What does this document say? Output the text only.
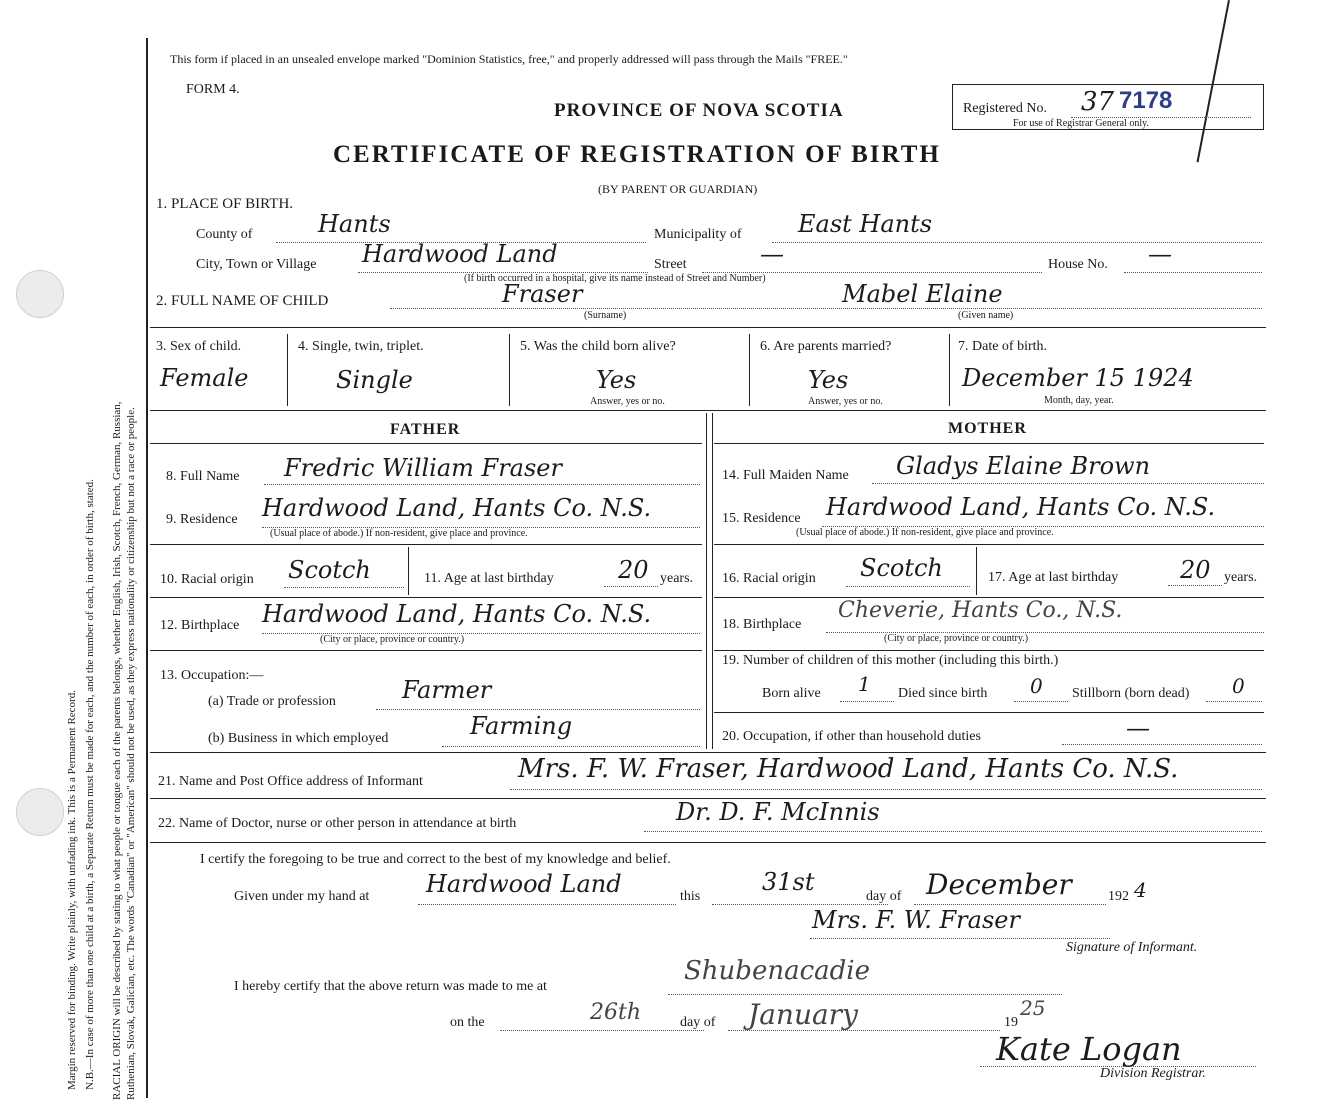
Margin reserved for binding. Write plainly, with unfading ink. This is a Permanent Record. N.B.—In case of more than one child at a birth, a Separate Return must be made for each, and the number of each, in order of birth, stated. RACIAL ORIGIN will be described by stating to what people or tongue each of the parents belongs, whether English, Irish, Scotch, French, German, Russian, Ruthenian, Slovak, Galician, etc. The words "Canadian" or "American" should not be used, as they express nationality or citizenship but not a race or people.
This form if placed in an unsealed envelope marked "Dominion Statistics, free," and properly addressed will pass through the Mails "FREE."
FORM 4.
PROVINCE OF NOVA SCOTIA
CERTIFICATE OF REGISTRATION OF BIRTH
(BY PARENT OR GUARDIAN)
Registered No. 37 7178
For use of Registrar General only.
1. PLACE OF BIRTH.
County of	Hants	Municipality of East Hants
City, Town or Village Hardwood Land	Street	—	House No. —
(If birth occurred in a hospital, give its name instead of Street and Number)
2. FULL NAME OF CHILD	Fraser
(Surname)
Mabel Elaine
(Given name)
3. Sex of child.
Female
4. Single, twin, triplet.
Single
5. Was the child born alive?
Yes
Answer, yes or no.
6. Are parents married?
Yes
Answer, yes or no.
7. Date of birth.
December 15 1924
Month, day, year.
FATHER	MOTHER
8. Full Name Fredric William Fraser	14. Full Maiden Name Gladys Elaine Brown
9. Residence Hardwood Land, Hants Co. N.S.
(Usual place of abode.) If non-resident, give place and province.
15. Residence Hardwood Land, Hants Co. N.S.
(Usual place of abode.) If non-resident, give place and province.
10. Racial origin Scotch	11. Age at last birthday	20 years. 16. Racial origin Scotch	17. Age at last birthday	20 years.
12. Birthplace Hardwood Land, Hants Co. N.S.
(City or place, province or country.)
18. Birthplace
Cheverie, Hants Co., N.S.
(City or place, province or country.)
13. Occupation:—
(a) Trade or profession	Farmer
(b) Business in which employed	Farming
19. Number of children of this mother (including this birth.)
Born alive 1 Died since birth 0 Stillborn (born dead) 0
20. Occupation, if other than household duties	—
21. Name and Post Office address of Informant	Mrs. F. W. Fraser, Hardwood Land, Hants Co. N.S.
22. Name of Doctor, nurse or other person in attendance at birth	Dr. D. F. McInnis
I certify the foregoing to be true and correct to the best of my knowledge and belief.
Given under my hand at Hardwood Land	this
31st
day of December	192 4
Mrs. F. W. Fraser
Signature of Informant.
I hereby certify that the above return was made to me at
Shubenacadie
on the	26th	day of January	19
25
Kate Logan
Division Registrar.
